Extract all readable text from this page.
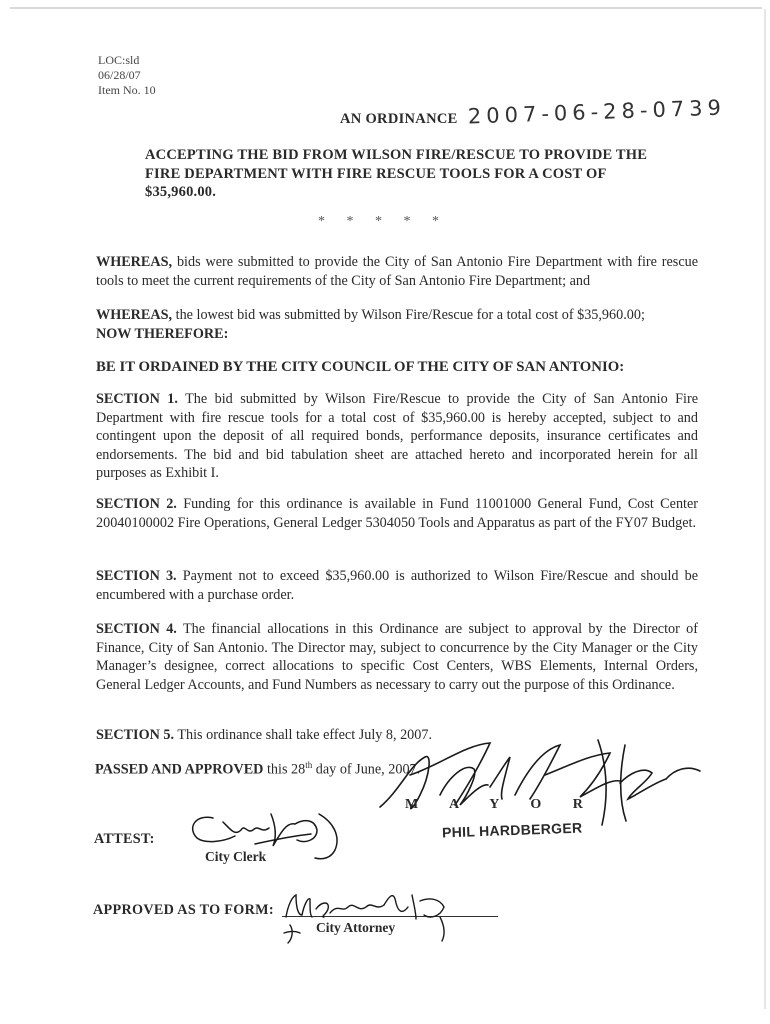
LOC:sld
06/28/07
Item No. 10
AN ORDINANCE 2007-06-28-0739
ACCEPTING THE BID FROM WILSON FIRE/RESCUE TO PROVIDE THE FIRE DEPARTMENT WITH FIRE RESCUE TOOLS FOR A COST OF $35,960.00.
* * * * *
WHEREAS, bids were submitted to provide the City of San Antonio Fire Department with fire rescue tools to meet the current requirements of the City of San Antonio Fire Department; and
WHEREAS, the lowest bid was submitted by Wilson Fire/Rescue for a total cost of $35,960.00;
NOW THEREFORE:
BE IT ORDAINED BY THE CITY COUNCIL OF THE CITY OF SAN ANTONIO:
SECTION 1. The bid submitted by Wilson Fire/Rescue to provide the City of San Antonio Fire Department with fire rescue tools for a total cost of $35,960.00 is hereby accepted, subject to and contingent upon the deposit of all required bonds, performance deposits, insurance certificates and endorsements. The bid and bid tabulation sheet are attached hereto and incorporated herein for all purposes as Exhibit I.
SECTION 2. Funding for this ordinance is available in Fund 11001000 General Fund, Cost Center 20040100002 Fire Operations, General Ledger 5304050 Tools and Apparatus as part of the FY07 Budget.
SECTION 3. Payment not to exceed $35,960.00 is authorized to Wilson Fire/Rescue and should be encumbered with a purchase order.
SECTION 4. The financial allocations in this Ordinance are subject to approval by the Director of Finance, City of San Antonio. The Director may, subject to concurrence by the City Manager or the City Manager’s designee, correct allocations to specific Cost Centers, WBS Elements, Internal Orders, General Ledger Accounts, and Fund Numbers as necessary to carry out the purpose of this Ordinance.
SECTION 5. This ordinance shall take effect July 8, 2007.
PASSED AND APPROVED this 28th day of June, 2007.
M A Y O R
PHIL HARDBERGER
ATTEST:
City Clerk
APPROVED AS TO FORM:
City Attorney
